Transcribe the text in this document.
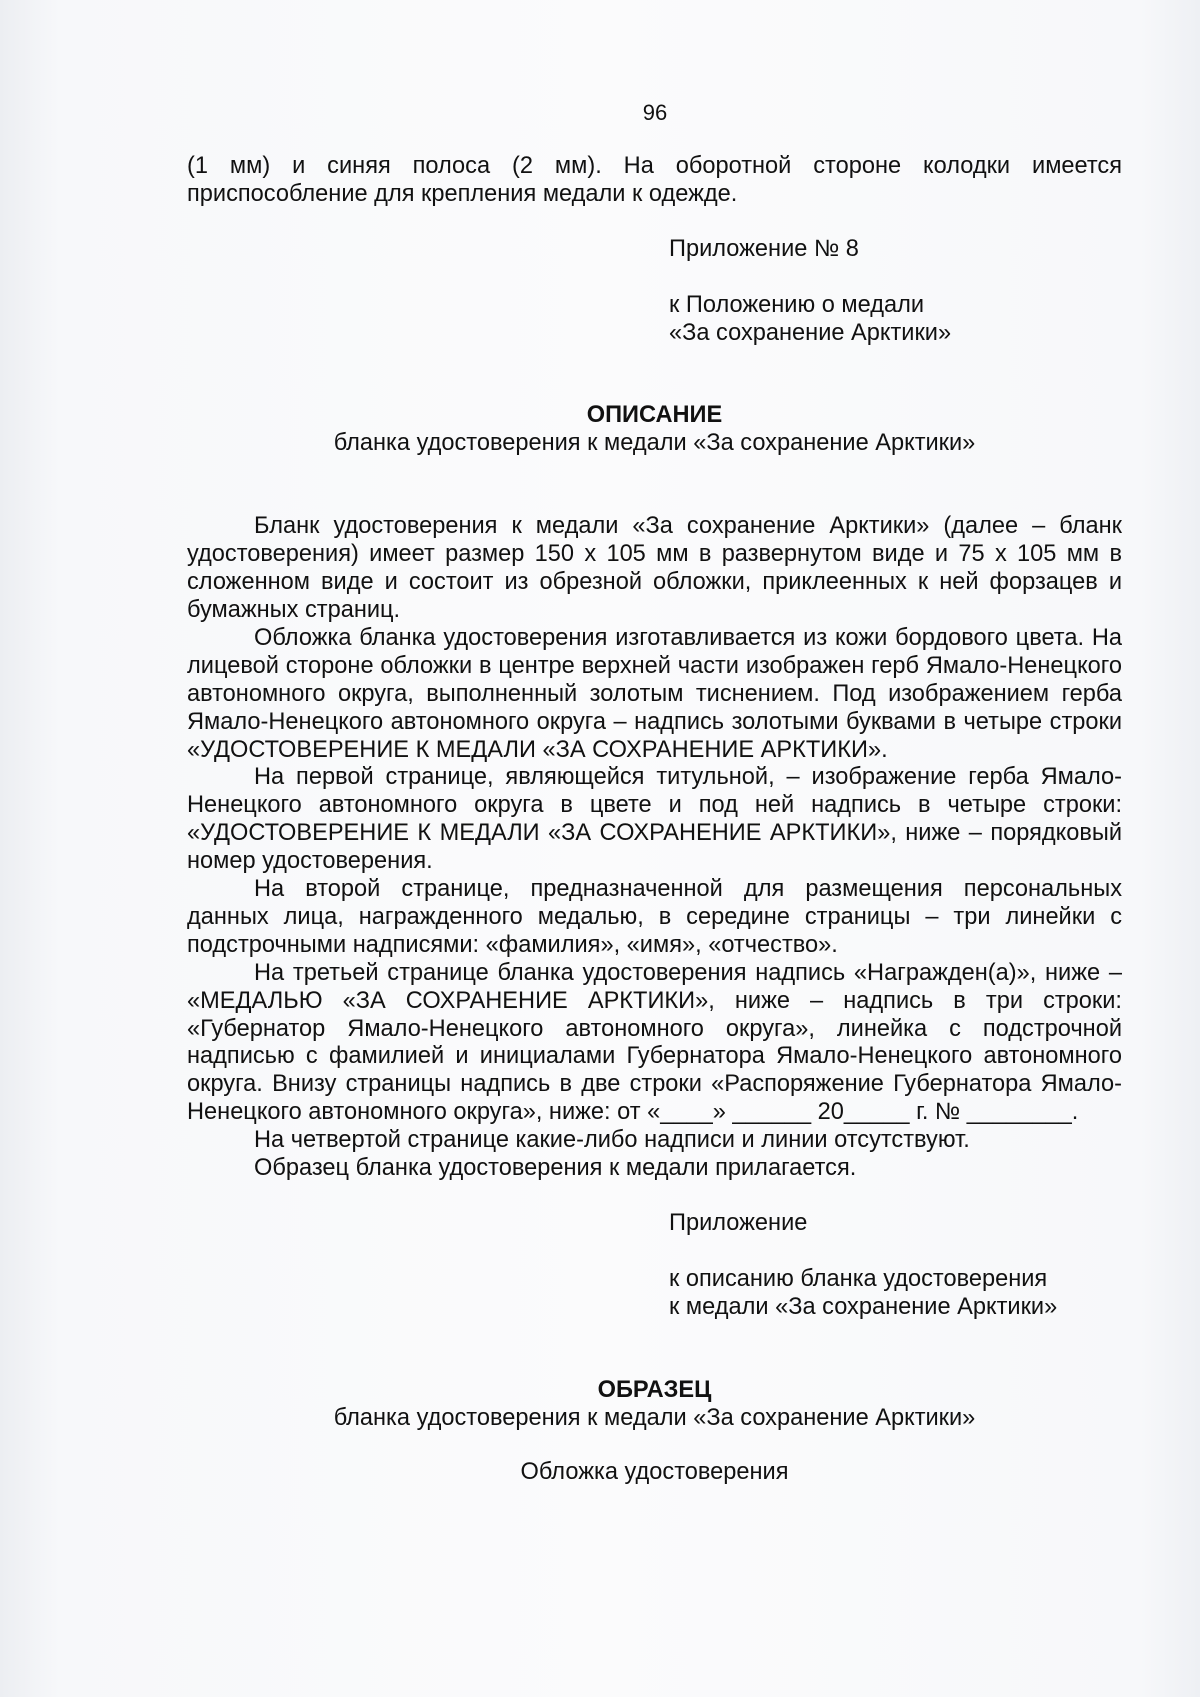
96

(1 мм) и синяя полоса (2 мм). На оборотной стороне колодки имеется приспособление для крепления медали к одежде.

Приложение № 8

к Положению о медали
«За сохранение Арктики»
ОПИСАНИЕ
бланка удостоверения к медали «За сохранение Арктики»

Бланк удостоверения к медали «За сохранение Арктики» (далее – бланк удостоверения) имеет размер 150 х 105 мм в развернутом виде и 75 х 105 мм в сложенном виде и состоит из обрезной обложки, приклеенных к ней форзацев и бумажных страниц.

Обложка бланка удостоверения изготавливается из кожи бордового цвета. На лицевой стороне обложки в центре верхней части изображен герб Ямало-Ненецкого автономного округа, выполненный золотым тиснением. Под изображением герба Ямало-Ненецкого автономного округа – надпись золотыми буквами в четыре строки «УДОСТОВЕРЕНИЕ К МЕДАЛИ «ЗА СОХРАНЕНИЕ АРКТИКИ».

На первой странице, являющейся титульной, – изображение герба Ямало-Ненецкого автономного округа в цвете и под ней надпись в четыре строки: «УДОСТОВЕРЕНИЕ К МЕДАЛИ «ЗА СОХРАНЕНИЕ АРКТИКИ», ниже – порядковый номер удостоверения.

На второй странице, предназначенной для размещения персональных данных лица, награжденного медалью, в середине страницы – три линейки с подстрочными надписями: «фамилия», «имя», «отчество».

На третьей странице бланка удостоверения надпись «Награжден(а)», ниже – «МЕДАЛЬЮ «ЗА СОХРАНЕНИЕ АРКТИКИ», ниже – надпись в три строки: «Губернатор Ямало-Ненецкого автономного округа», линейка с подстрочной надписью с фамилией и инициалами Губернатора Ямало-Ненецкого автономного округа. Внизу страницы надпись в две строки «Распоряжение Губернатора Ямало-Ненецкого автономного округа», ниже: от «____» ______ 20_____ г. № ________.

На четвертой странице какие-либо надписи и линии отсутствуют.

Образец бланка удостоверения к медали прилагается.

Приложение

к описанию бланка удостоверения
к медали «За сохранение Арктики»
ОБРАЗЕЦ
бланка удостоверения к медали «За сохранение Арктики»
Обложка удостоверения
